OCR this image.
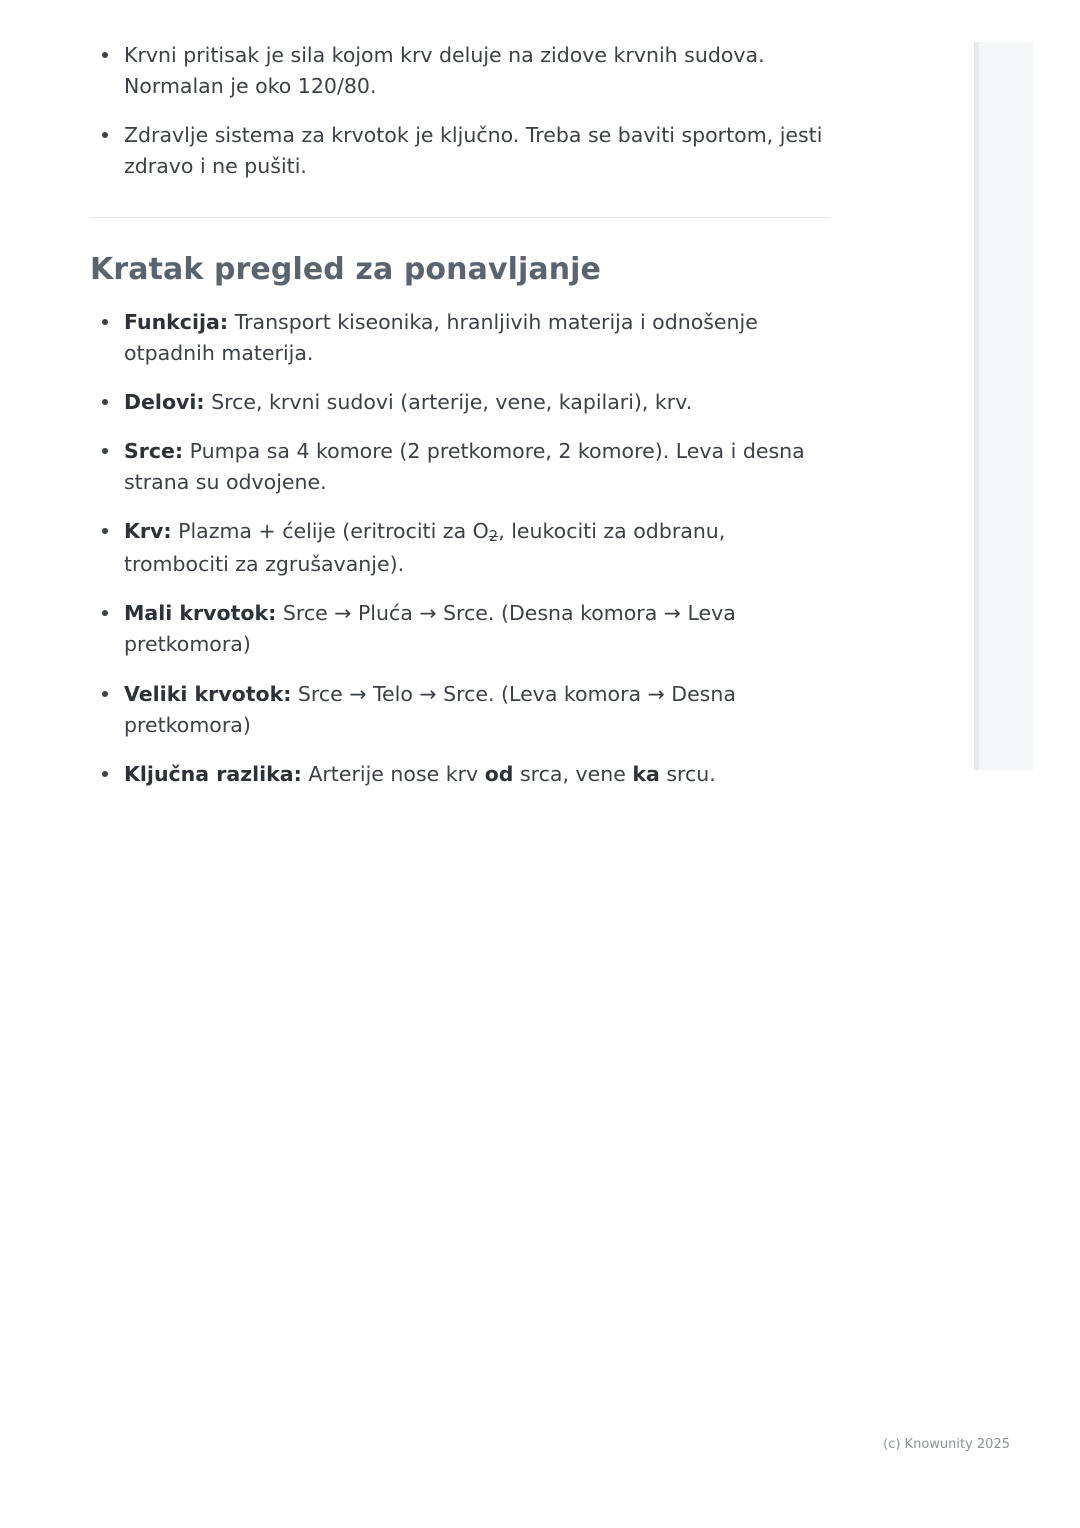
Krvni pritisak je sila kojom krv deluje na zidove krvnih sudova. Normalan je oko 120/80.
Zdravlje sistema za krvotok je ključno. Treba se baviti sportom, jesti zdravo i ne pušiti.
Kratak pregled za ponavljanje
Funkcija: Transport kiseonika, hranljivih materija i odnošenje otpadnih materija.
Delovi: Srce, krvni sudovi (arterije, vene, kapilari), krv.
Srce: Pumpa sa 4 komore (2 pretkomore, 2 komore). Leva i desna strana su odvojene.
Krv: Plazma + ćelije (eritrociti za $O_2$, leukociti za odbranu, trombociti za zgrušavanje).
Mali krvotok: Srce → Pluća → Srce. (Desna komora → Leva pretkomora)
Veliki krvotok: Srce → Telo → Srce. (Leva komora → Desna pretkomora)
Ključna razlika: Arterije nose krv od srca, vene ka srcu.
(c) Knowunity 2025
